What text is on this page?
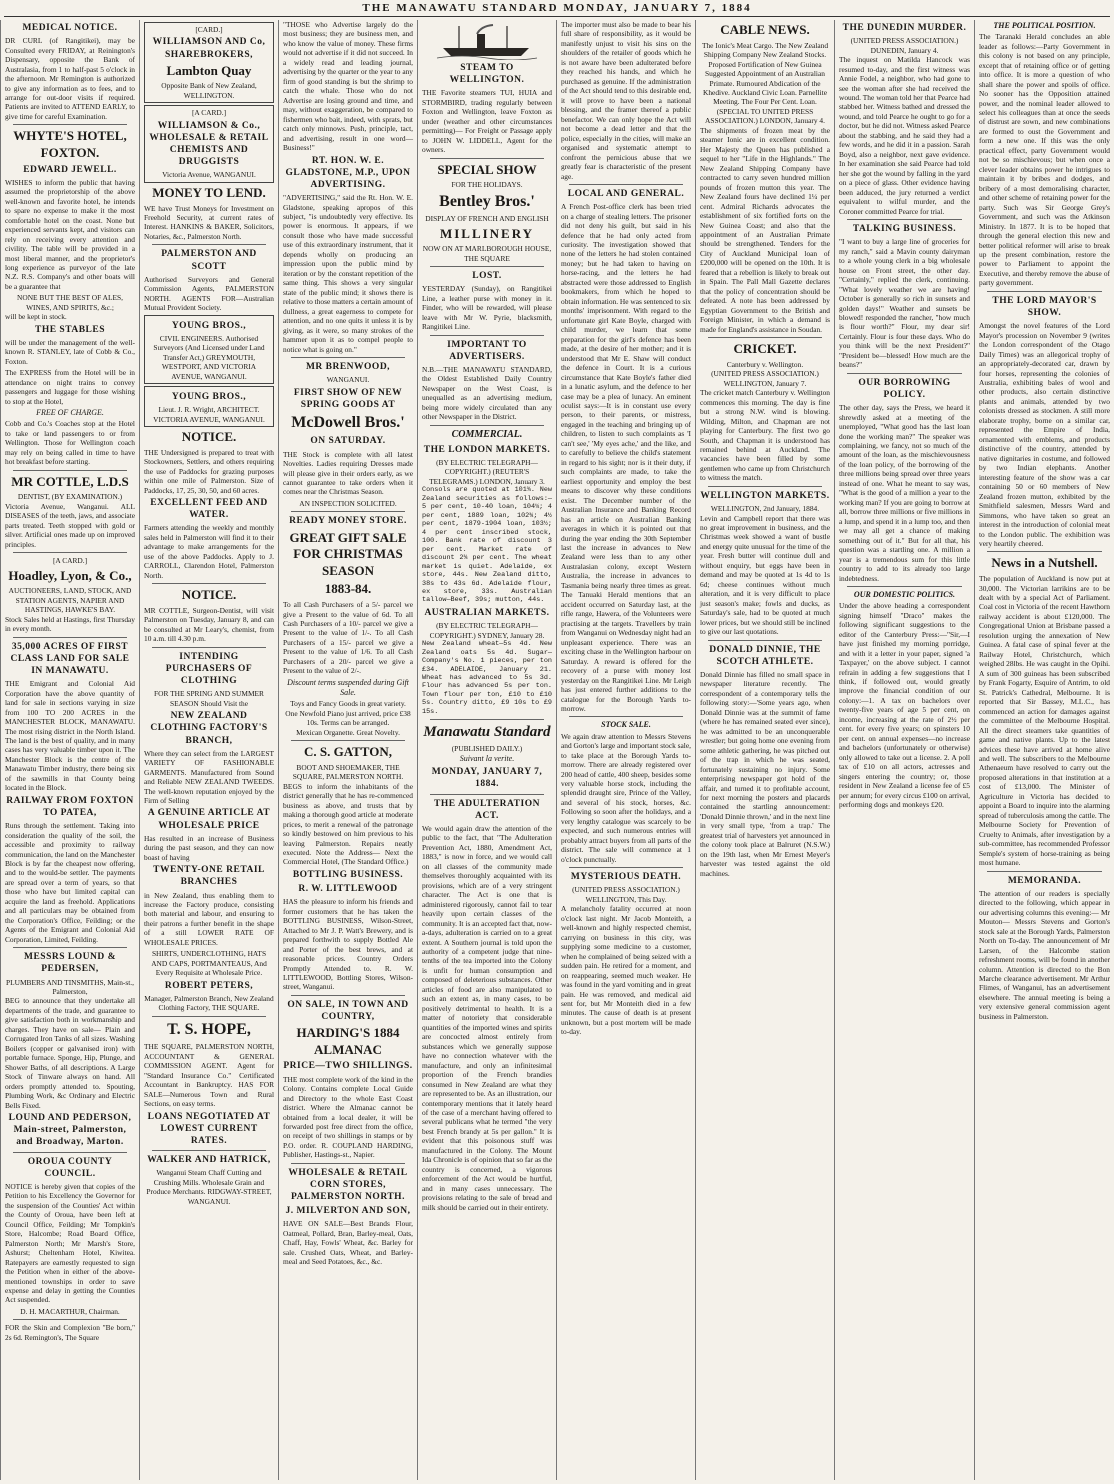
THE MANAWATU STANDARD MONDAY, JANUARY 7, 1884
MEDICAL NOTICE.
DR CURL (of Rangitikei), may be Consulted every FRIDAY, at Reinington's Dispensary, opposite the Bank of Australasia, from 1 to half-past 5 o'clock in the afternoon. Mr Remington is authorized to give any information as to fees, and to arrange for out-door visits if required. Patients are invited to ATTEND EARLY, to give time for careful Examination.
WHYTE'S HOTEL, FOXTON.
EDWARD JEWELL.
WISHES to inform the public that having assumed the proprietorship of the above well-known and favorite hotel, he intends to spare no expense to make it the most comfortable hotel on the coast. None but experienced servants kept, and visitors can rely on receiving every attention and civility. The table will be provided in a most liberal manner, and the proprietor's long experience as purveyor of the late N.Z. R.S. Company's and other boats will be a guarantee that
NONE BUT THE BEST OF ALES, WINES, AND SPIRITS, &c.;
will be kept in stock.
THE STABLES
will be under the management of the well-known R. STANLEY, late of Cobb & Co., Foxton.
The EXPRESS from the Hotel will be in attendance on night trains to convey passengers and luggage for those wishing to stop at the Hotel,
FREE OF CHARGE.
Cobb and Co.'s Coaches stop at the Hotel to take or land passengers to or from Wellington. Those for Wellington coach may rely on being called in time to have hot breakfast before starting.
MR COTTLE, L.D.S
DENTIST, (BY EXAMINATION.)
Victoria Avenue, Wanganui. ALL DISEASES of the teeth, jaws, and associate parts treated. Teeth stopped with gold or silver. Artificial ones made up on improved principles.
[A CARD.]
Hoadley, Lyon, & Co.,
AUCTIONEERS, LAND, STOCK, AND STATION AGENTS, NAPIER AND HASTINGS, HAWKE'S BAY.
Stock Sales held at Hastings, first Thursday in every month.
35,000 ACRES OF FIRST CLASS LAND FOR SALE IN MANAWATU.
THE Emigrant and Colonial Aid Corporation have the above quantity of land for sale in sections varying in size from 100 TO 200 ACRES in the MANCHESTER BLOCK, MANAWATU. The most rising district in the North Island. The land is the best of quality, and in many cases has very valuable timber upon it. The Manchester Block is the centre of the Manawatu Timber industry, there being six of the sawmills in that County being located in the Block.
RAILWAY FROM FOXTON TO PATEA,
Runs through the settlement. Taking into consideration the quality of the soil, the accessible and proximity to railway communication, the land on the Manchester Block is by far the cheapest now offering, and to the would-be settler. The payments are spread over a term of years, so that those who have but limited capital can acquire the land as freehold. Applications and all particulars may be obtained from the Corporation's Office, Feilding; or the Agents of the Emigrant and Colonial Aid Corporation, Limited, Feilding.
MESSRS LOUND & PEDERSEN,
PLUMBERS AND TINSMITHS, Main-st., Palmerston,
BEG to announce that they undertake all departments of the trade, and guarantee to give satisfaction both in workmanship and charges. They have on sale— Plain and Corrugated Iron Tanks of all sizes. Washing Boilers (copper or galvanised iron) with portable furnace. Sponge, Hip, Plunge, and Shower Baths, of all descriptions. A Large Stock of Tinware always on hand. All orders promptly attended to. Spouting, Plumbing Work, &c Ordinary and Electric Bells Fixed.
LOUND AND PEDERSON, Main-street, Palmerston, and Broadway, Marton.
OROUA COUNTY COUNCIL.
NOTICE is hereby given that copies of the Petition to his Excellency the Governor for the suspension of the Counties' Act within the County of Oroua, have been left at Council Office, Feilding; Mr Tompkin's Store, Halcombe; Road Board Office, Palmerston North; Mr Marsh's Store, Ashurst; Cheltenham Hotel, Kiwitea. Ratepayers are earnestly requested to sign the Petition when in either of the above-mentioned townships in order to save expense and delay in getting the Counties Act suspended.
D. H. MACARTHUR, Chairman.
FOR the Skin and Complexion "Be born," 2s 6d. Remington's, The Square
[CARD.]
WILLIAMSON AND Co, SHAREBROKERS,
Lambton Quay
Opposite Bank of New Zealand, WELLINGTON.
[A CARD.]
WILLIAMSON & Co., WHOLESALE & RETAIL CHEMISTS AND DRUGGISTS
Victoria Avenue, WANGANUI.
MONEY TO LEND.
WE have Trust Moneys for Investment on Freehold Security, at current rates of Interest. HANKINS & BAKER, Solicitors, Notaries, &c., Palmerston North.
PALMERSTON AND SCOTT
Authorised Surveyors and General Commission Agents, PALMERSTON NORTH. AGENTS FOR—Australian Mutual Provident Society.
YOUNG BROS.,
CIVIL ENGINEERS. Authorised Surveyors (And Licensed under Land Transfer Act,) GREYMOUTH, WESTPORT, AND VICTORIA AVENUE, WANGANUI.
YOUNG BROS.,
Lieut. J. R. Wright, ARCHITECT. VICTORIA AVENUE, WANGANUI.
NOTICE.
THE Undersigned is prepared to treat with Stockowners, Settlers, and others requiring the use of Paddocks for grazing purposes within one mile of Palmerston. Size of Paddocks, 17, 25, 30, 50, and 60 acres.
EXCELLENT FEED AND WATER.
Farmers attending the weekly and monthly sales held in Palmerston will find it to their advantage to make arrangements for the use of the above Paddocks. Apply to J. CARROLL, Clarendon Hotel, Palmerston North.
NOTICE.
MR COTTLE, Surgeon-Dentist, will visit Palmerston on Tuesday, January 8, and can be consulted at Mr Leary's, chemist, from 10 a.m. till 4.30 p.m.
INTENDING PURCHASERS OF CLOTHING
FOR THE SPRING AND SUMMER SEASON Should Visit the
NEW ZEALAND CLOTHING FACTORY'S BRANCH,
Where they can select from the LARGEST VARIETY OF FASHIONABLE GARMENTS. Manufactured from Sound and Reliable NEW ZEALAND TWEEDS. The well-known reputation enjoyed by the Firm of Selling
A GENUINE ARTICLE AT WHOLESALE PRICE
Has resulted in an increase of Business during the past season, and they can now boast of having
TWENTY-ONE RETAIL BRANCHES
in New Zealand, thus enabling them to increase the Factory produce, consisting both material and labour, and ensuring to their patrons a further benefit in the shape of a still LOWER RATE OF WHOLESALE PRICES.
SHIRTS, UNDERCLOTHING, HATS AND CAPS, PORTMANTEAUS, And Every Requisite at Wholesale Price.
ROBERT PETERS,
Manager, Palmerston Branch, New Zealand Clothing Factory, THE SQUARE.
T. S. HOPE,
THE SQUARE, PALMERSTON NORTH, ACCOUNTANT & GENERAL COMMISSION AGENT. Agent for "Standard Insurance Co." Certificated Accountant in Bankruptcy. HAS FOR SALE—Numerous Town and Rural Sections, on easy terms.
LOANS NEGOTIATED AT LOWEST CURRENT RATES.
WALKER AND HATRICK,
Wanganui Steam Chaff Cutting and Crushing Mills. Wholesale Grain and Produce Merchants. RIDGWAY-STREET, WANGANUI.
"THOSE who Advertise largely do the most business; they are business men, and who know the value of money. These firms would not advertise if it did not succeed. In a widely read and leading journal, advertising by the quarter or the year to any firm of good standing is but the shrimp to catch the whale. Those who do not Advertise are losing ground and time, and may, without exaggeration, be compared to fishermen who bait, indeed, with sprats, but catch only minnows. Push, principle, tact, and advertising, result in one word—Business!"
RT. HON. W. E. GLADSTONE, M.P., UPON ADVERTISING.
"ADVERTISING," said the Rt. Hon. W. E. Gladstone, speaking apropos of this subject, "is undoubtedly very effective. Its power is enormous. It appears, if we consult those who have made successful use of this extraordinary instrument, that it depends wholly on producing an impression upon the public mind by iteration or by the constant repetition of the same thing. This shows a very singular state of the public mind; it shows there is relative to those matters a certain amount of dullness, a great eagerness to compete for attention, and no one quits it unless it is by giving, as it were, so many strokes of the hammer upon it as to compel people to notice what is going on."
MR BRENWOOD,
WANGANUI.
FIRST SHOW OF NEW SPRING GOODS AT
McDowell Bros.'
ON SATURDAY.
THE Stock is complete with all latest Novelties. Ladies requiring Dresses made will please give in their orders early, as we cannot guarantee to take orders when it comes near the Christmas Season.
AN INSPECTION SOLICITED.
READY MONEY STORE.
GREAT GIFT SALE FOR CHRISTMAS SEASON
1883-84.
To all Cash Purchasers of a 5/- parcel we give a Present to the value of 6d. To all Cash Purchasers of a 10/- parcel we give a Present to the value of 1/-. To all Cash Purchasers of a 15/- parcel we give a Present to the value of 1/6. To all Cash Purchasers of a 20/- parcel we give a Present to the value of 2/-.
Discount terms suspended during Gift Sale.
Toys and Fancy Goods in great variety.
One Newfold Piano just arrived, price £38 10s. Terms can be arranged.
Mexican Organette. Great Novelty.
C. S. GATTON,
BOOT AND SHOEMAKER, THE SQUARE, PALMERSTON NORTH.
BEGS to inform the inhabitants of the district generally that he has re-commenced business as above, and trusts that by making a thorough good article at moderate prices, to merit a renewal of the patronage so kindly bestowed on him previous to his leaving Palmerston. Repairs neatly executed. Note the Address— Next the Commercial Hotel, (The Standard Office.)
BOTTLING BUSINESS.
R. W. LITTLEWOOD
HAS the pleasure to inform his friends and former customers that he has taken the BOTTLING BUSINESS, Wilson-Street, Attached to Mr J. P. Watt's Brewery, and is prepared forthwith to supply Bottled Ale and Porter of the best brews, and at reasonable prices. Country Orders Promptly Attended to. R. W. LITTLEWOOD, Bottling Stores, Wilson-street, Wanganui.
ON SALE, IN TOWN AND COUNTRY,
HARDING'S 1884 ALMANAC
PRICE—TWO SHILLINGS.
THE most complete work of the kind in the Colony. Contains complete Local Guide and Directory to the whole East Coast district. Where the Almanac cannot be obtained from a local dealer, it will be forwarded post free direct from the office, on receipt of two shillings in stamps or by P.O. order. R. COUPLAND HARDING, Publisher, Hastings-st., Napier.
WHOLESALE & RETAIL CORN STORES, PALMERSTON NORTH.
J. MILVERTON AND SON,
HAVE ON SALE—Best Brands Flour, Oatmeal, Pollard, Bran, Barley-meal, Oats, Chaff, Hay, Fowls' Wheat, &c. Barley for sale. Crushed Oats, Wheat, and Barley-meal and Seed Potatoes, &c., &c.
STEAM TO WELLINGTON.
THE Favorite steamers TUI, HUIA and STORMBIRD, trading regularly between Foxton and Wellington, leave Foxton as under (weather and other circumstances permitting)— For Freight or Passage apply to JOHN W. LIDDELL, Agent for the owners.
SPECIAL SHOW
FOR THE HOLIDAYS.
Bentley Bros.'
DISPLAY OF FRENCH AND ENGLISH
MILLINERY
NOW ON AT MARLBOROUGH HOUSE, THE SQUARE
LOST.
YESTERDAY (Sunday), on Rangitikei Line, a leather purse with money in it. Finder, who will be rewarded, will please leave with Mr W. Pyrie, blacksmith, Rangitikei Line.
IMPORTANT TO ADVERTISERS.
N.B.—THE MANAWATU STANDARD, the Oldest Established Daily Country Newspaper on the West Coast, is unequalled as an advertising medium, being more widely circulated than any other Newspaper in the District.
COMMERCIAL.
THE LONDON MARKETS.
(BY ELECTRIC TELEGRAPH—COPYRIGHT.) (REUTER'S TELEGRAMS.) LONDON, January 3.
Consols are quoted at 101¾. New Zealand securities as follows:— 5 per cent, 10-40 loan, 104¼; 4 per cent, 1889 loan, 102¾; 4½ per cent, 1879-1904 loan, 103½; 4 per cent inscribed stock, 100. Bank rate of discount 3 per cent. Market rate of discount 2¾ per cent. The wheat market is quiet. Adelaide, ex store, 44s. New Zealand ditto, 38s to 43s 6d. Adelaide flour, ex store, 33s. Australian tallow—Beef, 39s; mutton, 44s.
AUSTRALIAN MARKETS.
(BY ELECTRIC TELEGRAPH—COPYRIGHT.) SYDNEY, January 28.
New Zealand wheat—5s 4d. New Zealand oats 5s 4d. Sugar—Company's No. 1 pieces, per ton £34. ADELAIDE, January 21. Wheat has advanced to 5s 3d. Flour has advanced 5s per ton. Town flour per ton, £10 to £10 5s. Country ditto, £9 10s to £9 15s.
Manawatu Standard
(PUBLISHED DAILY.)
Suivant la verite.
MONDAY, JANUARY 7, 1884.
THE ADULTERATION ACT.
We would again draw the attention of the public to the fact, that "The Adulteration Prevention Act, 1880, Amendment Act, 1883," is now in force, and we would call on all classes of the community made themselves thoroughly acquainted with its provisions, which are of a very stringent character. The Act is one that is administered rigorously, cannot fail to tear heavily upon certain classes of the community. It is an accepted fact that, now-a-days, adulteration is carried on to a great extent. A Southern journal is told upon the authority of a competent judge that nine-tenths of the tea imported into the Colony is unfit for human consumption and composed of deleterious substances. Other articles of food are also manipulated to such an extent as, in many cases, to be positively detrimental to health. It is a matter of notoriety that considerable quantities of the imported wines and spirits are concocted almost entirely from substances which we generally suppose have no connection whatever with the manufacture, and only an infinitesimal proportion of the French brandies consumed in New Zealand are what they are represented to be. As an illustration, our contemporary mentions that it lately heard of the case of a merchant having offered to several publicans what he termed "the very best French brandy at 5s per gallon." It is evident that this poisonous stuff was manufactured in the Colony. The Mount Ida Chronicle is of opinion that so far as the country is concerned, a vigorous enforcement of the Act would be hurtful, and in many cases unnecessary. The provisions relating to the sale of bread and milk should be carried out in their entirety.
The importer must also be made to bear his full share of responsibility, as it would be manifestly unjust to visit his sins on the shoulders of the retailer of goods which he is not aware have been adulterated before they reached his hands, and which he purchased as genuine. If the administration of the Act should tend to this desirable end, it will prove to have been a national blessing, and the framer thereof a public benefactor. We can only hope the Act will not become a dead letter and that the police, especially in the cities, will make an organised and systematic attempt to confront the pernicious abuse that we greatly fear is characteristic of the present age.
LOCAL AND GENERAL.
A French Post-office clerk has been tried on a charge of stealing letters. The prisoner did not deny his guilt, but said in his defence that he had only acted from curiosity. The investigation showed that none of the letters he had stolen contained money; but he had taken to having on horse-racing, and the letters he had abstracted were those addressed to English bookmakers, from which he hoped to obtain information. He was sentenced to six months' imprisonment. With regard to the unfortunate girl Kate Boyle, charged with child murder, we learn that some preparation for the girl's defence has been made, at the desire of her mother; and it is understood that Mr E. Shaw will conduct the defence in Court. It is a curious circumstance that Kate Boyle's father died in a lunatic asylum, and the defence to her case may be a plea of lunacy. An eminent oculist says:—It is in constant use every person, to their parents, or mistress, engaged in the teaching and bringing up of children, to listen to such complaints as 'I can't see,' 'My eyes ache,' and the like, and to carefully to believe the child's statement in regard to his sight; nor is it their duty, if such complaints are made, to take the earliest opportunity and employ the best means to discover why these conditions exist. The December number of the Australian Insurance and Banking Record has an article on Australian Banking averages in which it is pointed out that during the year ending the 30th September last the increase in advances to New Zealand were less than to any other Australasian colony, except Western Australia, the increase in advances to Tasmania being nearly three times as great. The Tanuaki Herald mentions that an accident occurred on Saturday last, at the rifle range, Hawera, of the Volunteers were practising at the targets. Travellers by train from Wanganui on Wednesday night had an unpleasant experience. There was an exciting chase in the Wellington harbour on Saturday. A reward is offered for the recovery of a purse with money lost yesterday on the Rangitikei Line. Mr Leigh has just entered further additions to the catalogue for the Borough Yards to-morrow.
STOCK SALE.
We again draw attention to Messrs Stevens and Gorton's large and important stock sale, to take place at the Borough Yards to-morrow. There are already registered over 200 head of cattle, 400 sheep, besides some very valuable horse stock, including the splendid draught sire, Prince of the Valley, and several of his stock, horses, &c. Following so soon after the holidays, and a very lengthy catalogue was scarcely to be expected, and such numerous entries will probably attract buyers from all parts of the district. The sale will commence at 1 o'clock punctually.
MYSTERIOUS DEATH.
(UNITED PRESS ASSOCIATION.) WELLINGTON, This Day.
A melancholy fatality occurred at noon o'clock last night. Mr Jacob Monteith, a well-known and highly respected chemist, carrying on business in this city, was supplying some medicine to a customer, when he complained of being seized with a sudden pain. He retired for a moment, and on reappearing, seemed much weaker. He was found in the yard vomiting and in great pain. He was removed, and medical aid sent for, but Mr Monteith died in a few minutes. The cause of death is at present unknown, but a post mortem will be made to-day.
CABLE NEWS.
The Ionic's Meat Cargo. The New Zealand Shipping Company New Zealand Stocks. Proposed Fortification of New Guinea Suggested Appointment of an Australian Primate. Rumoured Abdication of the Khedive. Auckland Civic Loan. Parnellite Meeting. The Four Per Cent. Loan.
(SPECIAL TO UNITED PRESS ASSOCIATION.) LONDON, January 4.
The shipments of frozen meat by the steamer Ionic are in excellent condition. Her Majesty the Queen has published a sequel to her "Life in the Highlands." The New Zealand Shipping Company have contracted to carry seven hundred million pounds of frozen mutton this year. The New Zealand fours have declined 1¼ per cent. Admiral Richards advocates the establishment of six fortified forts on the New Guinea Coast; and also that the appointment of an Australian Primate should be strengthened. Tenders for the City of Auckland Municipal loan of £200,000 will be opened on the 10th. It is feared that a rebellion is likely to break out in Spain. The Pall Mall Gazette declares that the policy of concentration should be defeated. A note has been addressed by Egyptian Government to the British and Foreign Minister, in which a demand is made for England's assistance in Soudan.
CRICKET.
Canterbury v. Wellington.
(UNITED PRESS ASSOCIATION.) WELLINGTON, January 7.
The cricket match Canterbury v. Wellington commences this morning. The day is fine but a strong N.W. wind is blowing. Wilding, Milton, and Chapman are not playing for Canterbury. The first two go South, and Chapman it is understood has remained behind at Auckland. The vacancies have been filled by some gentlemen who came up from Christchurch to witness the match.
WELLINGTON MARKETS.
WELLINGTON, 2nd January, 1884.
Levin and Campbell report that there was no great improvement in business, and the Christmas week showed a want of bustle and energy quite unusual for the time of the year. Fresh butter will continue dull and without enquiry, but eggs have been in demand and may be quoted at 1s 4d to 1s 6d; cheese continues without much alteration, and it is very difficult to place just season's make; fowls and ducks, as Saturday's sale, had to be quoted at much lower prices, but we should still be inclined to give our last quotations.
DONALD DINNIE, THE SCOTCH ATHLETE.
Donald Dinnie has filled no small space in newspaper literature recently. The correspondent of a contemporary tells the following story:—'Some years ago, when Donald Dinnie was at the summit of fame (where he has remained seated ever since), he was admitted to be an unconquerable wrestler; but going home one evening from some athletic gathering, he was pitched out of the trap in which he was seated, fortunately sustaining no injury. Some enterprising newspaper got hold of the affair, and turned it to profitable account, for next morning the posters and placards contained the startling announcement: 'Donald Dinnie thrown,' and in the next line in very small type, 'from a trap.' The greatest trial of harvesters yet announced in the colony took place at Balruret (N.S.W.) on the 19th last, when Mr Ernest Meyer's harvester was tested against the old machines.
THE DUNEDIN MURDER.
(UNITED PRESS ASSOCIATION.) DUNEDIN, January 4.
The inquest on Matilda Hancock was resumed to-day, and the first witness was Annie Fodel, a neighbor, who had gone to see the woman after she had received the wound. The woman told her that Pearce had stabbed her. Witness bathed and dressed the wound, and told Pearce he ought to go for a doctor, but he did not. Witness asked Pearce about the stabbing, and he said they had a few words, and he did it in a passion. Sarah Boyd, also a neighbor, next gave evidence. In her examination she said Pearce had told her she got the wound by falling in the yard on a piece of glass. Other evidence having been adduced, the jury returned a verdict equivalent to wilful murder, and the Coroner committed Pearce for trial.
TALKING BUSINESS.
"I want to buy a large line of groceries for my ranch," said a Mavin county dairyman to a whole young clerk in a big wholesale house on Front street, the other day. "Certainly," replied the clerk, continuing. "What lovely weather we are having! October is generally so rich in sunsets and golden days!" Weather and sunsets be blowed! responded the rancher, "how much is flour worth?" Flour, my dear sir! Certainly. Flour is four these days. Who do you think will be the next President?" "President be—blessed! How much are the beans?"
OUR BORROWING POLICY.
The other day, says the Press, we heard it shrewdly asked at a meeting of the unemployed, "What good has the last loan done the working man?" The speaker was complaining, we fancy, not so much of the amount of the loan, as the mischievousness of the loan policy, of the borrowing of the three millions being spread over three years instead of one. What he meant to say was, "What is the good of a million a year to the working man? If you are going to borrow at all, borrow three millions or five millions in a lump, and spend it in a lump too, and then we may all get a chance of making something out of it." But for all that, his question was a startling one. A million a year is a tremendous sum for this little country to add to its already too large indebtedness.
OUR DOMESTIC POLITICS.
Under the above heading a correspondent signing himself "Draco" makes the following significant suggestions to the editor of the Canterbury Press:—"Sir,—I have just finished my morning porridge, and with it a letter in your paper, signed 'a Taxpayer,' on the above subject. I cannot refrain in adding a few suggestions that I think, if followed out, would greatly improve the financial condition of our colony:—1. A tax on bachelors over twenty-five years of age 5 per cent, on income, increasing at the rate of 2½ per cent. for every five years; on spinsters 10 per cent. on annual expenses—no increase and bachelors (unfortunately or otherwise) only allowed to take out a license. 2. A poll tax of £10 on all actors, actresses and singers entering the country; or, those resident in New Zealand a license fee of £5 per annum; for every circus £100 on arrival, performing dogs and monkeys £20.
THE POLITICAL POSITION.
The Taranaki Herald concludes an able leader as follows:—Party Government in this colony is not based on any principle, except that of retaining office or of getting into office. It is more a question of who shall share the power and spoils of office. No sooner has the Opposition attained power, and the nominal leader allowed to select his colleagues than at once the seeds of distrust are sown, and new combinations are formed to oust the Government and form a new one. If this was the only practical effect, party Government would not be so mischievous; but when once a clever leader obtains power he intrigues to maintain it by bribes and dodges, and bribery of a most demoralising character, and other scheme of retaining power for the party. Such was Sir George Grey's Government, and such was the Atkinson Ministry. In 1877. It is to be hoped that through the general election this new and better political reformer will arise to break up the present combination, restore the power to Parliament to appoint the Executive, and thereby remove the abuse of party government.
THE LORD MAYOR'S SHOW.
Amongst the novel features of the Lord Mayor's procession on November 9 (writes the London correspondent of the Otago Daily Times) was an allegorical trophy of an appropriately-decorated car, drawn by four horses, representing the colonies of Australia, exhibiting bales of wool and other products, also certain distinctive plants and animals, attended by two colonists dressed as stockmen. A still more elaborate trophy, borne on a similar car, represented the Empire of India, ornamented with emblems, and products distinctive of the country, attended by native dignitaries in costume, and followed by two Indian elephants. Another interesting feature of the show was a car containing 50 or 60 members of New Zealand frozen mutton, exhibited by the Smithfield salesmen, Messrs Ward and Simmons, who have taken so great an interest in the introduction of colonial meat to the London public. The exhibition was very heartily cheered.
News in a Nutshell.
The population of Auckland is now put at 30,000. The Victorian larrikins are to be dealt with by a special Act of Parliament. Coal cost in Victoria of the recent Hawthorn railway accident is about £120,000. The Congregational Union at Brisbane passed a resolution urging the annexation of New Guinea. A fatal case of spinal fever at the Railway Hotel, Christchurch, which weighed 28lbs. He was caught in the Opihi. A sum of 300 guineas has been subscribed by Frank Fogarty, Esquire of Antrim, to old St. Patrick's Cathedral, Melbourne. It is reported that Sir Bassey, M.L.C., has commenced an action for damages against the committee of the Melbourne Hospital. All the direct steamers take quantities of game and native plants. Up to the latest advices these have arrived at home alive and well. The subscribers to the Melbourne Athenaeum have resolved to carry out the proposed alterations in that institution at a cost of £13,000. The Minister of Agriculture in Victoria has decided to appoint a Board to inquire into the alarming spread of tuberculosis among the cattle. The Melbourne Society for Prevention of Cruelty to Animals, after investigation by a sub-committee, has recommended Professor Semple's system of horse-training as being most humane.
MEMORANDA.
The attention of our readers is specially directed to the following, which appear in our advertising columns this evening:— Mr Mouton— Messrs Stevens and Gorton's stock sale at the Borough Yards, Palmerston North on To-day. The announcement of Mr Larsen, of the Halcombe station refreshment rooms, will be found in another column. Attention is directed to the Bon Marche clearance advertisement. Mr Arthur Flimes, of Wanganui, has an advertisement elsewhere. The annual meeting is being a very extensive general commission agent business in Palmerston.
